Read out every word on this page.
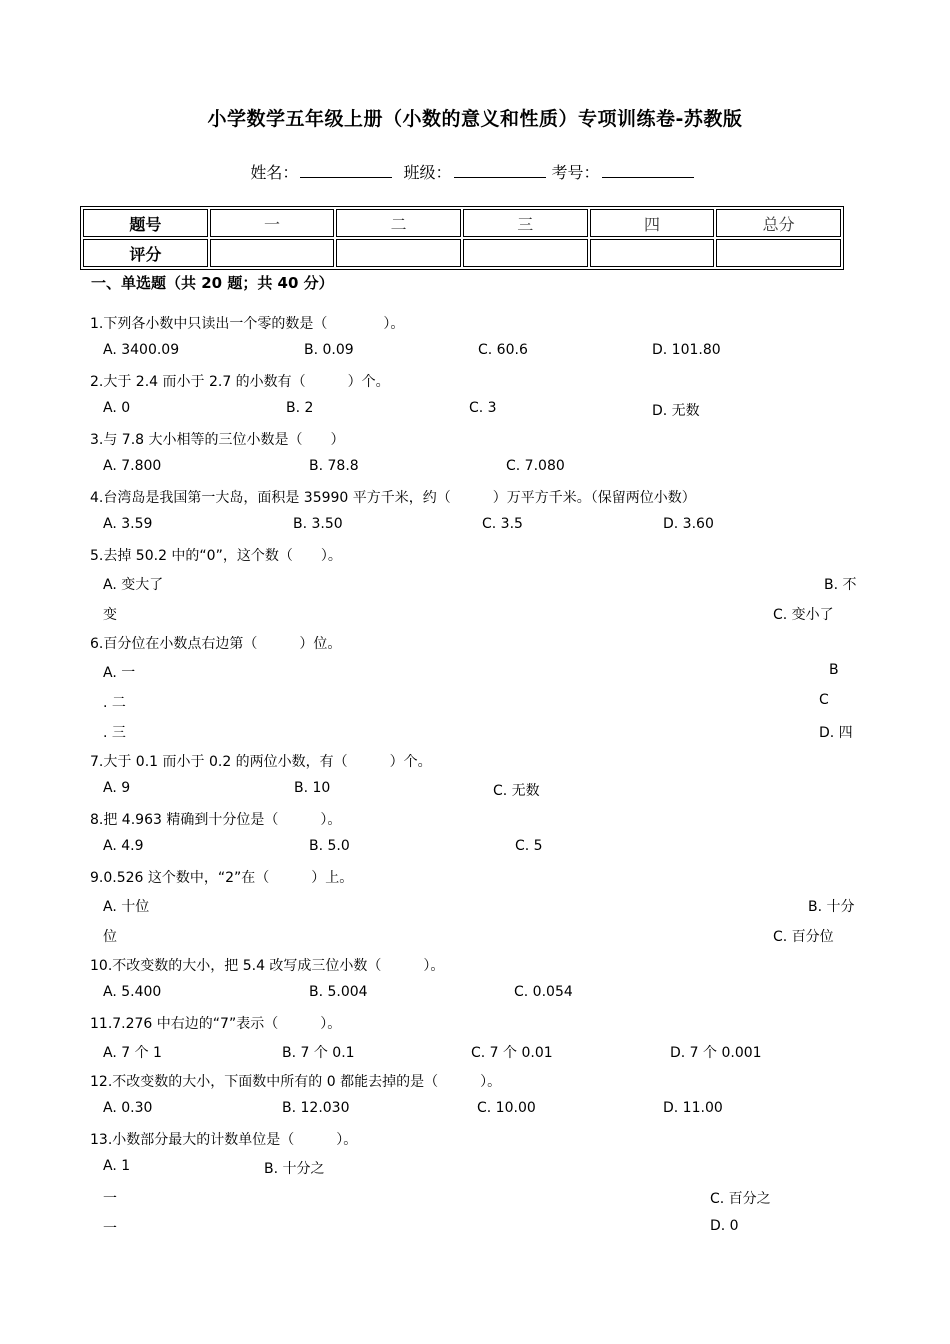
小学数学五年级上册（小数的意义和性质）专项训练卷-苏教版
姓名：	班级：	考号：
题号	一	二	三	四	总分
评分					
一、单选题（共 20 题；共 40 分）
1.下列各小数中只读出一个零的数是（　　　　）。
A. 3400.09	B. 0.09	C. 60.6	D. 101.80
2.大于 2.4 而小于 2.7 的小数有（　　　）个。
A. 0	B. 2	C. 3	D. 无数
3.与 7.8 大小相等的三位小数是（　　）
A. 7.800	B. 78.8	C. 7.080
4.台湾岛是我国第一大岛，面积是 35990 平方千米，约（　　　）万平方千米。（保留两位小数）
A. 3.59	B. 3.50	C. 3.5	D. 3.60
5.去掉 50.2 中的“0”，这个数（　　）。
A. 变大了	B. 不
变	C. 变小了
6.百分位在小数点右边第（　　　）位。
A. 一	B
. 二	C
. 三	D. 四
7.大于 0.1 而小于 0.2 的两位小数，有（　　　）个。
A. 9	B. 10	C. 无数
8.把 4.963 精确到十分位是（　　　）。
A. 4.9	B. 5.0	C. 5
9.0.526 这个数中，“2”在（　　　）上。
A. 十位	B. 十分
位	C. 百分位
10.不改变数的大小，把 5.4 改写成三位小数（　　　）。
A. 5.400	B. 5.004	C. 0.054
11.7.276 中右边的“7”表示（　　　）。
A. 7 个 1	B. 7 个 0.1	C. 7 个 0.01	D. 7 个 0.001
12.不改变数的大小，下面数中所有的 0 都能去掉的是（　　　）。
A. 0.30	B. 12.030	C. 10.00	D. 11.00
13.小数部分最大的计数单位是（　　　）。
A. 1	B. 十分之
一	C. 百分之
一	D. 0
